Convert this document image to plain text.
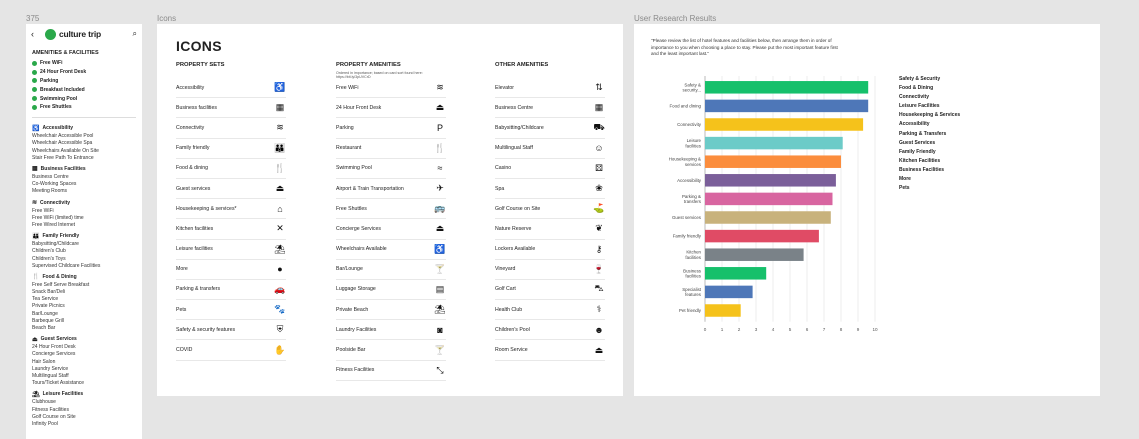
375	Icons	User Research Results
‹	culture trip	⌕
AMENITIES & FACILITIES
Free WiFi
24 Hour Front Desk
Parking
Breakfast Included
Swimming Pool
Free Shuttles
♿ Accessibility
Wheelchair Accessible Pool
Wheelchair Accessible Spa
Wheelchairs Available On Site
Stair Free Path To Entrance
▦ Business Facilities
Business Centre
Co-Working Spaces
Meeting Rooms
≋ Connectivity
Free WiFi
Free WiFi (limited) time
Free Wired Internet
👪 Family Friendly
Babysitting/Childcare
Children's Club
Children's Toys
Supervised Childcare Facilities
🍴 Food & Dining
Free Self Serve Breakfast
Snack Bar/Deli
Tea Service
Private Picnics
Bar/Lounge
Barbeque Grill
Beach Bar
⏏ Guest Services
24 Hour Front Desk
Concierge Services
Hair Salon
Laundry Service
Multilingual Staff
Tours/Ticket Assistance
⛱ Leisure Facilities
Clubhouse
Fitness Facilities
Golf Course on Site
Infinity Pool
ICONS
PROPERTY SETS
Accessibility	♿
Business facilities	▦
Connectivity	≋
Family friendly	👪
Food & dining	🍴
Guest services	⏏
Housekeeping & services*	⌂
Kitchen facilities	✕
Leisure facilities	⛱
More	●
Parking & transfers	🚗
Pets	🐾
Safety & security features	⛨
COVID	✋
PROPERTY AMENITIES
Ordered in importance; based on card sort found here: https://bit.ly/3pUVCrD
Free WiFi	≋
24 Hour Front Desk	⏏
Parking	P
Restaurant	🍴
Swimming Pool	≈
Airport & Train Transportation	✈
Free Shuttles	🚌
Concierge Services	⏏
Wheelchairs Available	♿
Bar/Lounge	🍸
Luggage Storage	▤
Private Beach	⛱
Laundry Facilities	◙
Poolside Bar	🍸
Fitness Facilities	⤡
OTHER AMENITIES
Elevator	⇅
Business Centre	▦
Babysitting/Childcare	⛟
Multilingual Staff	☺
Casino	⚄
Spa	❀
Golf Course on Site	⛳
Nature Reserve	❦
Lockers Available	⚷
Vineyard	🍷
Golf Cart	⛍
Health Club	⚕
Children's Pool	☻
Room Service	⏏
"Please review the list of hotel features and facilities below, then arrange them in order of importance to you when choosing a place to stay. Please put the most important feature first and the least important last."
0	1	2	3	4	5	6	7	8	9	10
Safety & security...
Food and dining
Connectivity
Leisure facilities
Housekeeping & services
Accessibility
Parking & transfers
Guest services
Family friendly
Kitchen facilities
Business facilities
Specialist features
Pet friendly
Safety & Security
Food & Dining
Connectivity
Leisure Facilities
Housekeeping & Services
Accessibility
Parking & Transfers
Guest Services
Family Friendly
Kitchen Facilities
Business Facilities
More
Pets
